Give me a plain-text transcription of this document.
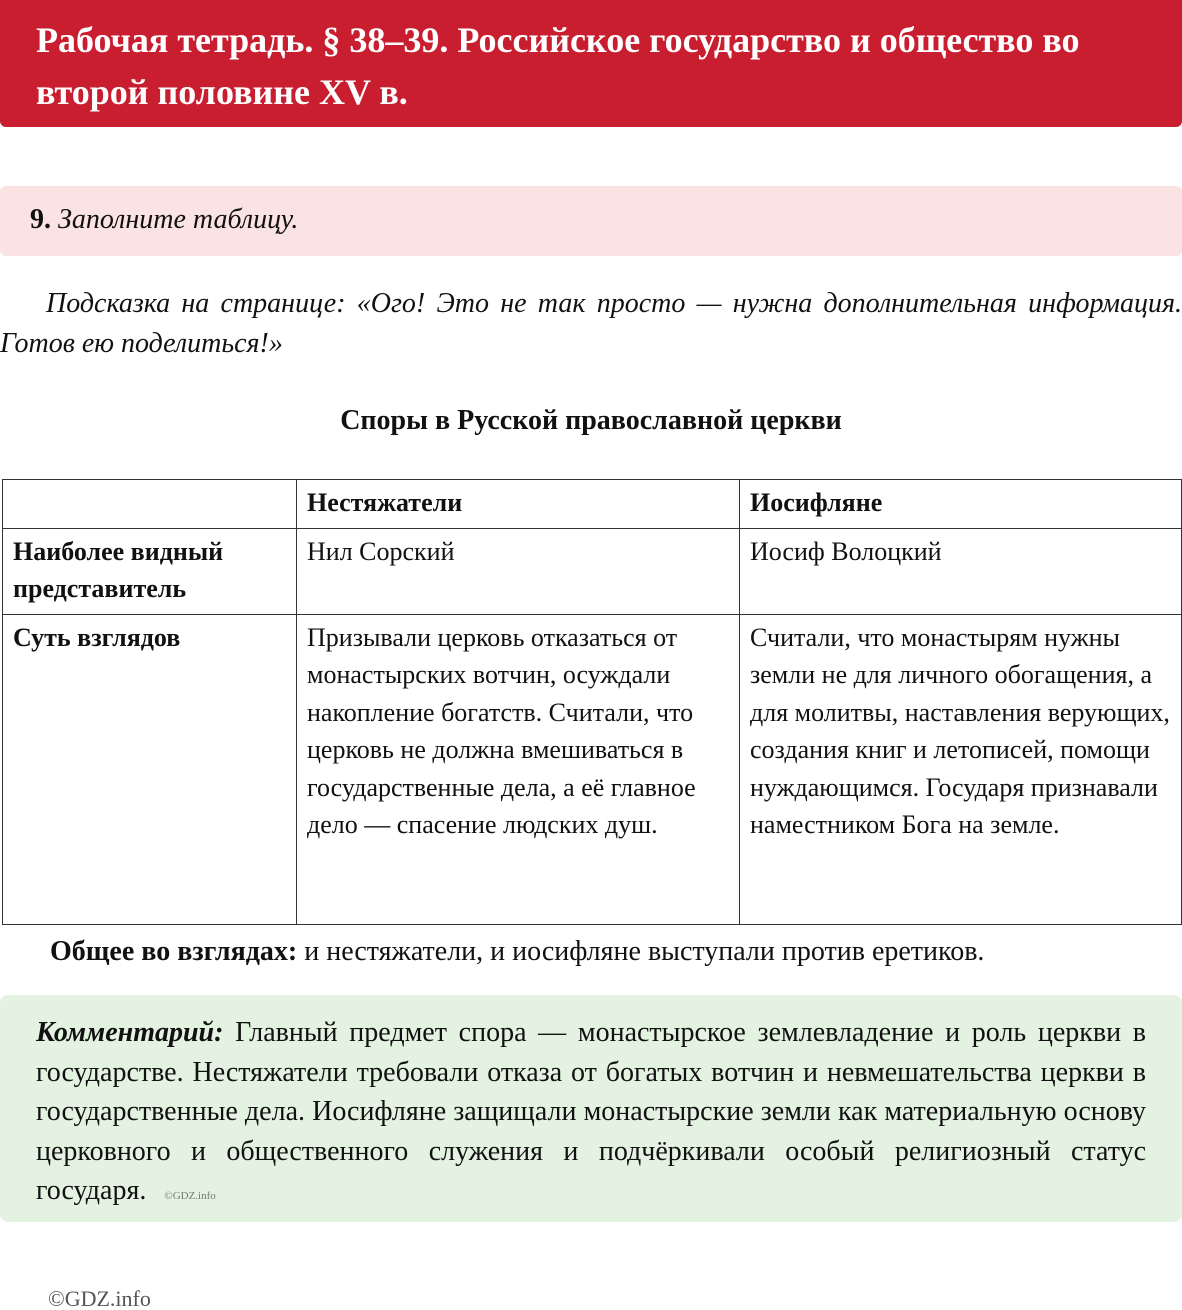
Рабочая тетрадь. § 38–39. Российское государство и общество во
второй половине XV в.
9. Заполните таблицу.
Подсказка на странице: «Ого! Это не так просто — нужна дополнительная информация. Готов ею поделиться!»
Споры в Русской православной церкви
	Нестяжатели	Иосифляне

Наиболее видный
представитель	Нил Сорский	Иосиф Волоцкий
Суть взглядов	Призывали церковь отказаться от монастырских вотчин, осуждали накопление богатств. Считали, что церковь не должна вмешиваться в государственные дела, а её главное дело — спасение людских душ.	Считали, что монастырям нужны земли не для личного обогащения, а для молитвы, наставления верующих, создания книг и летописей, помощи нуждающимся. Государя признавали наместником Бога на земле.
Общее во взглядах: и нестяжатели, и иосифляне выступали против еретиков.
Комментарий: Главный предмет спора — монастырское землевладение и роль церкви в государстве. Нестяжатели требовали отказа от богатых вотчин и невмешательства церкви в государственные дела. Иосифляне защищали монастырские земли как материальную основу церковного и общественного служения и подчёркивали особый религиозный статус государя. ©GDZ.info
©GDZ.info
